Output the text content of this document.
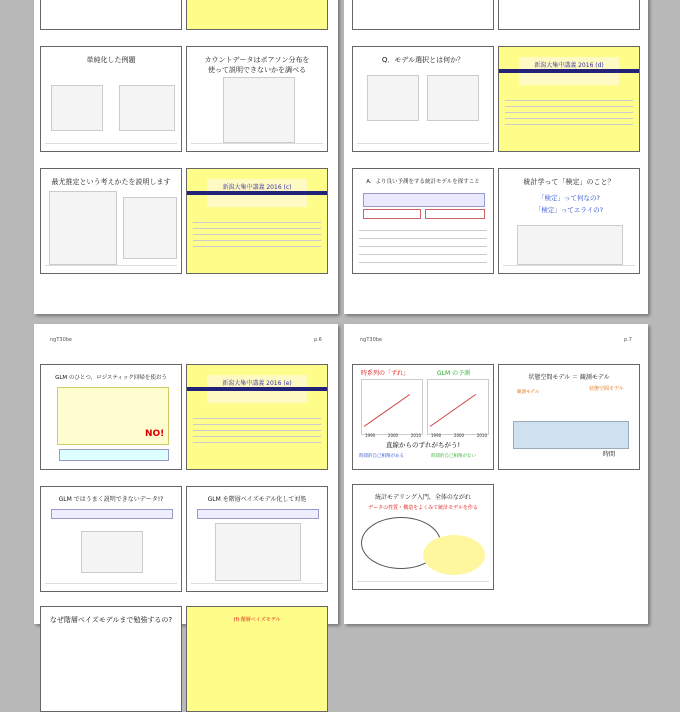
単純化した例題	カウントデータはポアソン分布を
使って説明できないかを調べる
最尤推定という考えかたを説明します
新潟大集中講義 2016 (c)
Q．モデル選択とは何か？
新潟大集中講義 2016 (d)
A．より良い予測をする統計モデルを探すこと	統計学って「検定」のこと？
「検定」って何なの?
「検定」ってエライの?
ngT30be	p.6
GLM のひとつ，ロジスティック回帰を使おう
NO!
新潟大集中講義 2016 (e)
GLM ではうまく説明できないデータ!?	GLM を階層ベイズモデル化して対処
なぜ階層ベイズモデルまで勉強するの?	(f) 階層ベイズモデル
ngT30be	p.7
時系列の「ずれ」	GLM の予測
1990	2000	2010	1990	2000	2010
直線からのずれがちがう!
時間的自己相関がある	時間的自己相関がない
状態空間モデル ＝ 観測モデル
状態空間モデル
観測モデル
時間
統計モデリング入門，全体のながれ
データの性質・構造をよくみて統計モデルを作る
